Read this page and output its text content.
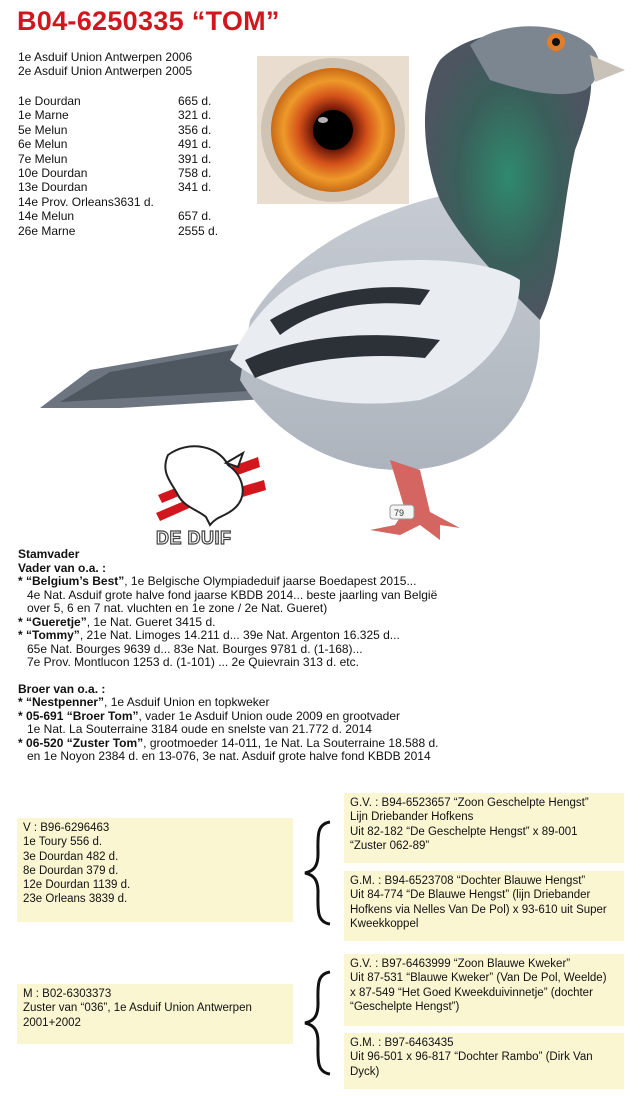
B04-6250335 “TOM”
1e Asduif Union Antwerpen 2006
2e Asduif Union Antwerpen 2005
1e Dourdan	665 d.
1e Marne	321 d.
5e Melun	356 d.
6e Melun	491 d.
7e Melun	391 d.
10e Dourdan	758 d.
13e Dourdan	341 d.
14e Prov. Orleans 3631 d.
14e Melun	657 d.
26e Marne	2555 d.
79
DE DUIF

Stamvader

Vader van o.a. :

* “Belgium’s Best”, 1e Belgische Olympiadeduif jaarse Boedapest 2015...

4e Nat. Asduif grote halve fond jaarse KBDB 2014... beste jaarling van België

over 5, 6 en 7 nat. vluchten en 1e zone / 2e Nat. Gueret)

* “Gueretje”, 1e Nat. Gueret 3415 d.

* “Tommy”, 21e Nat. Limoges 14.211 d... 39e Nat. Argenton 16.325 d...

65e Nat. Bourges 9639 d... 83e Nat. Bourges 9781 d. (1-168)...

7e Prov. Montlucon 1253 d. (1-101) ... 2e Quievrain 313 d. etc.

Broer van o.a. :

* “Nestpenner”, 1e Asduif Union en topkweker

* 05-691 “Broer Tom”, vader 1e Asduif Union oude 2009 en grootvader

1e Nat. La Souterraine 3184 oude en snelste van 21.772 d. 2014

* 06-520 “Zuster Tom”, grootmoeder 14-011, 1e Nat. La Souterraine 18.588 d.

en 1e Noyon 2384 d. en 13-076, 3e nat. Asduif grote halve fond KBDB 2014

V : B96-6296463
1e Toury 556 d.
3e Dourdan 482 d.
8e Dourdan 379 d.
12e Dourdan 1139 d.
23e Orleans 3839 d.
M : B02-6303373
Zuster van “036”, 1e Asduif Union Antwerpen
2001+2002
G.V. : B94-6523657 “Zoon Geschelpte Hengst”
Lijn Driebander Hofkens
Uit 82-182 “De Geschelpte Hengst” x 89-001
“Zuster 062-89”
G.M. : B94-6523708 “Dochter Blauwe Hengst”
Uit 84-774 “De Blauwe Hengst” (lijn Driebander
Hofkens via Nelles Van De Pol) x 93-610 uit Super
Kweekkoppel
G.V. : B97-6463999 “Zoon Blauwe Kweker”
Uit 87-531 “Blauwe Kweker” (Van De Pol, Weelde)
x 87-549 “Het Goed Kweekduivinnetje” (dochter
“Geschelpte Hengst”)
G.M. : B97-6463435
Uit 96-501 x 96-817 “Dochter Rambo” (Dirk Van
Dyck)
